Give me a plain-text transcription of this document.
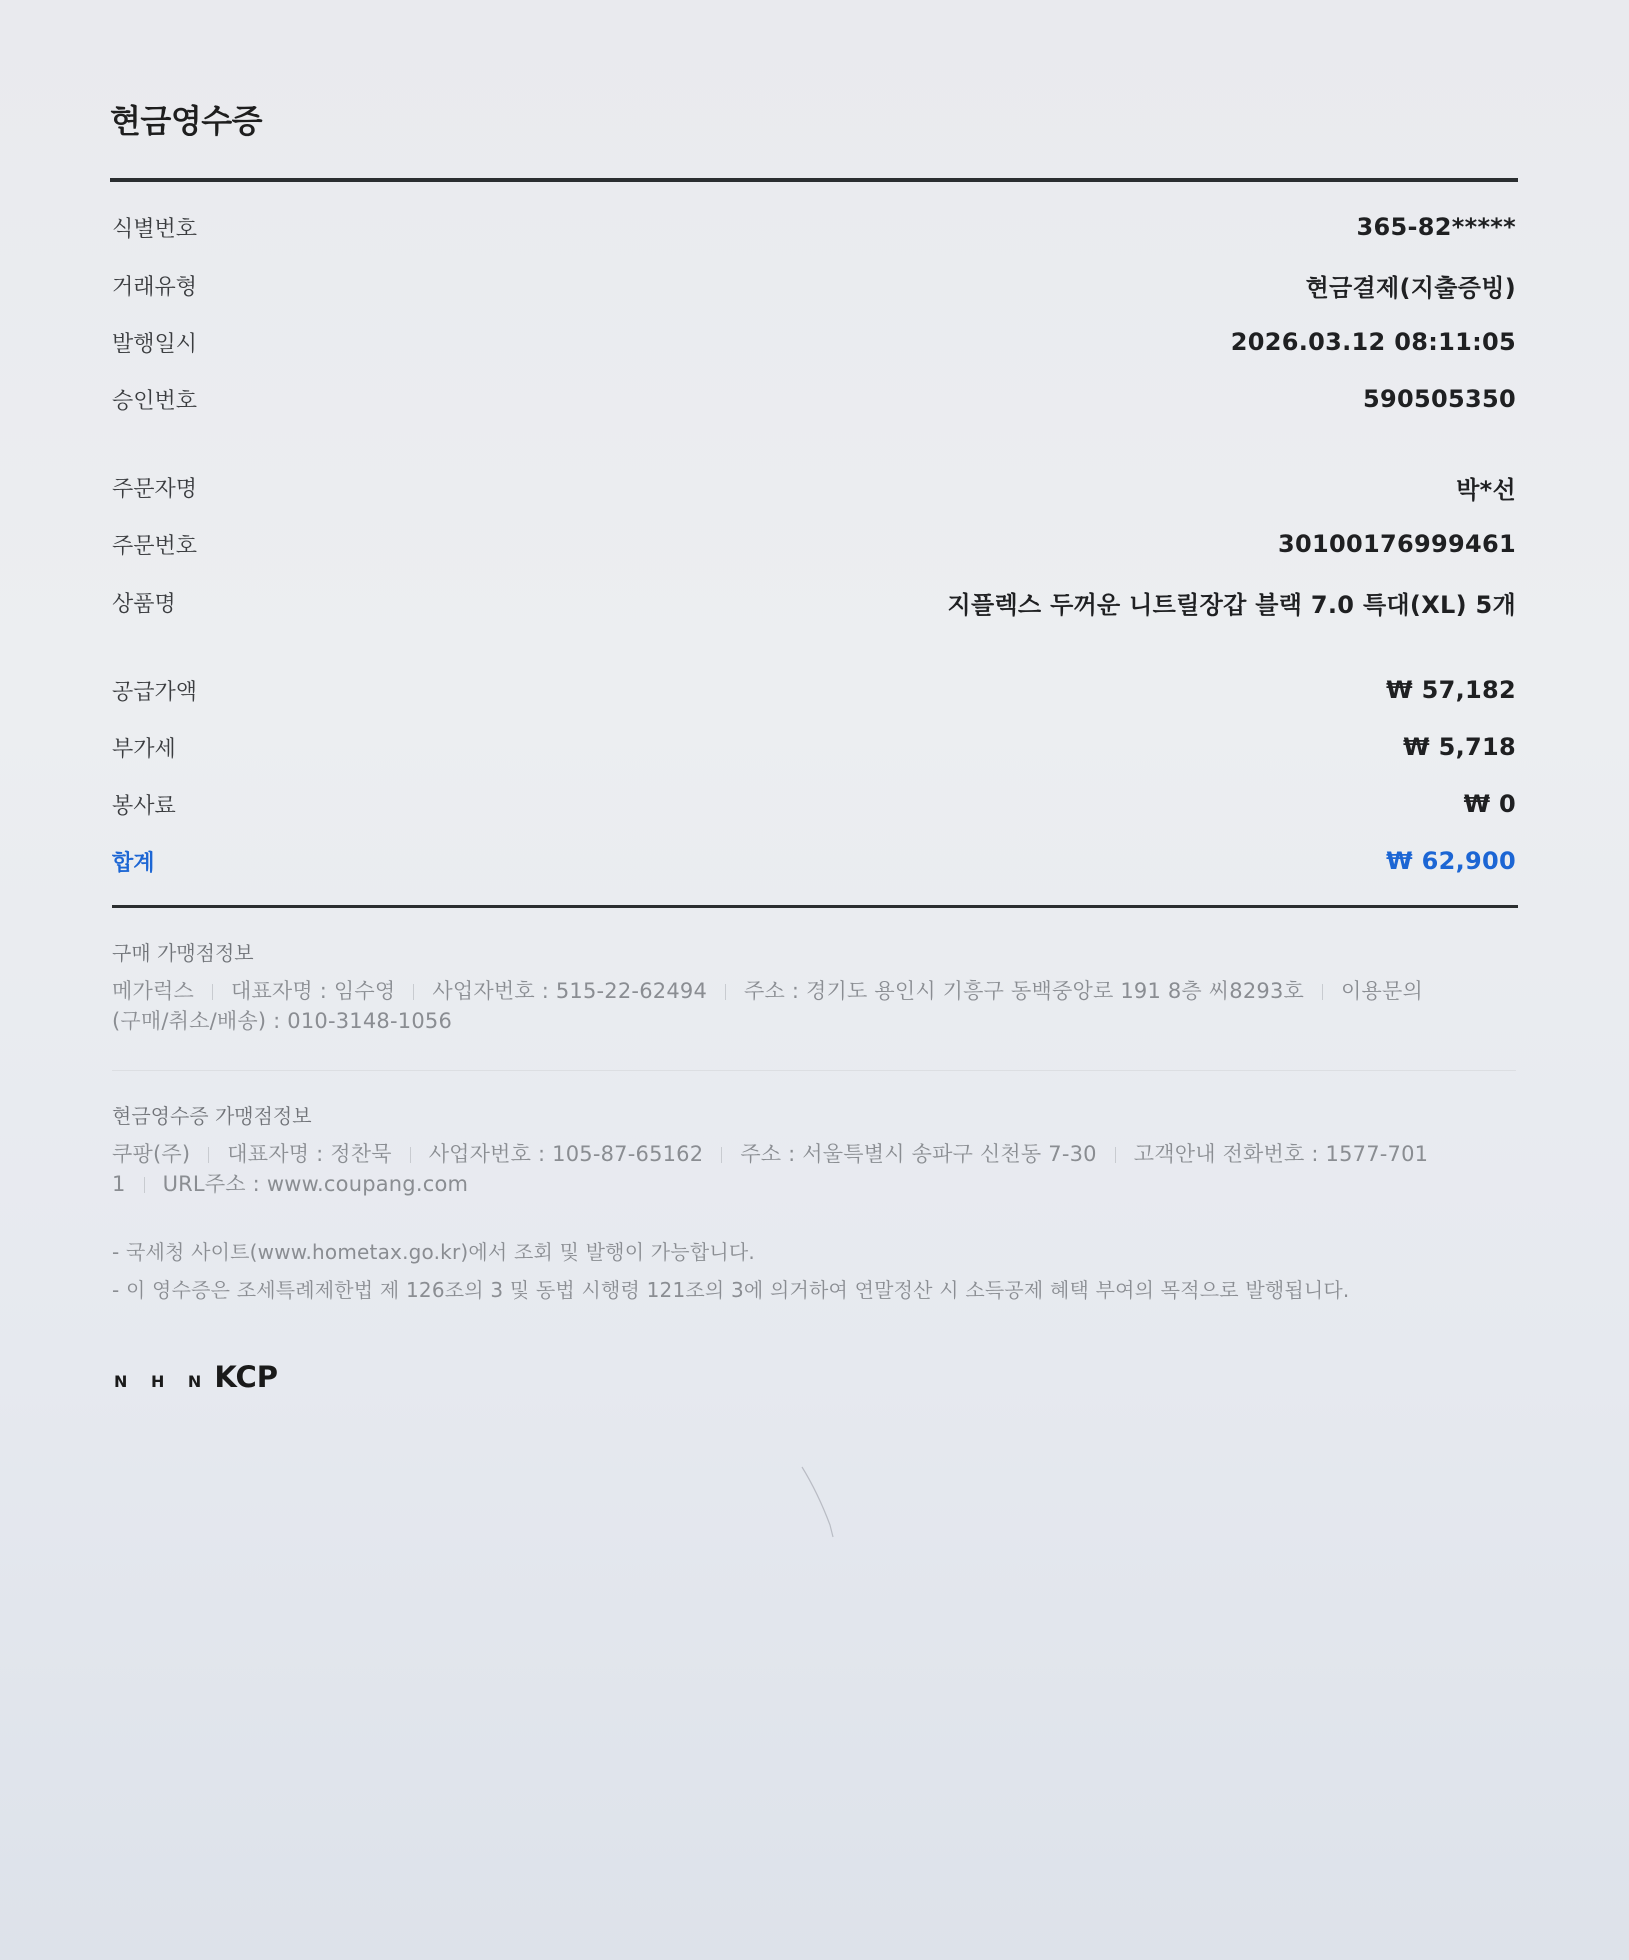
현금영수증
식별번호	365-82*****
거래유형	현금결제(지출증빙)
발행일시	2026.03.12 08:11:05
승인번호	590505350
주문자명	박*선
주문번호	30100176999461
상품명	지플렉스 두꺼운 니트릴장갑 블랙 7.0 특대(XL) 5개
공급가액	₩ 57,182
부가세	₩ 5,718
봉사료	₩ 0
합계	₩ 62,900
구매 가맹점정보
메가럭스 대표자명 : 임수영 사업자번호 : 515-22-62494 주소 : 경기도 용인시 기흥구 동백중앙로 191 8층 씨8293호 이용문의
(구매/취소/배송) : 010-3148-1056
현금영수증 가맹점정보
쿠팡(주) 대표자명 : 정찬묵 사업자번호 : 105-87-65162 주소 : 서울특별시 송파구 신천동 7-30 고객안내 전화번호 : 1577-701
1 URL주소 : www.coupang.com
- 국세청 사이트(www.hometax.go.kr)에서 조회 및 발행이 가능합니다.
- 이 영수증은 조세특례제한법 제 126조의 3 및 동법 시행령 121조의 3에 의거하여 연말정산 시 소득공제 혜택 부여의 목적으로 발행됩니다.
N H N KCP
